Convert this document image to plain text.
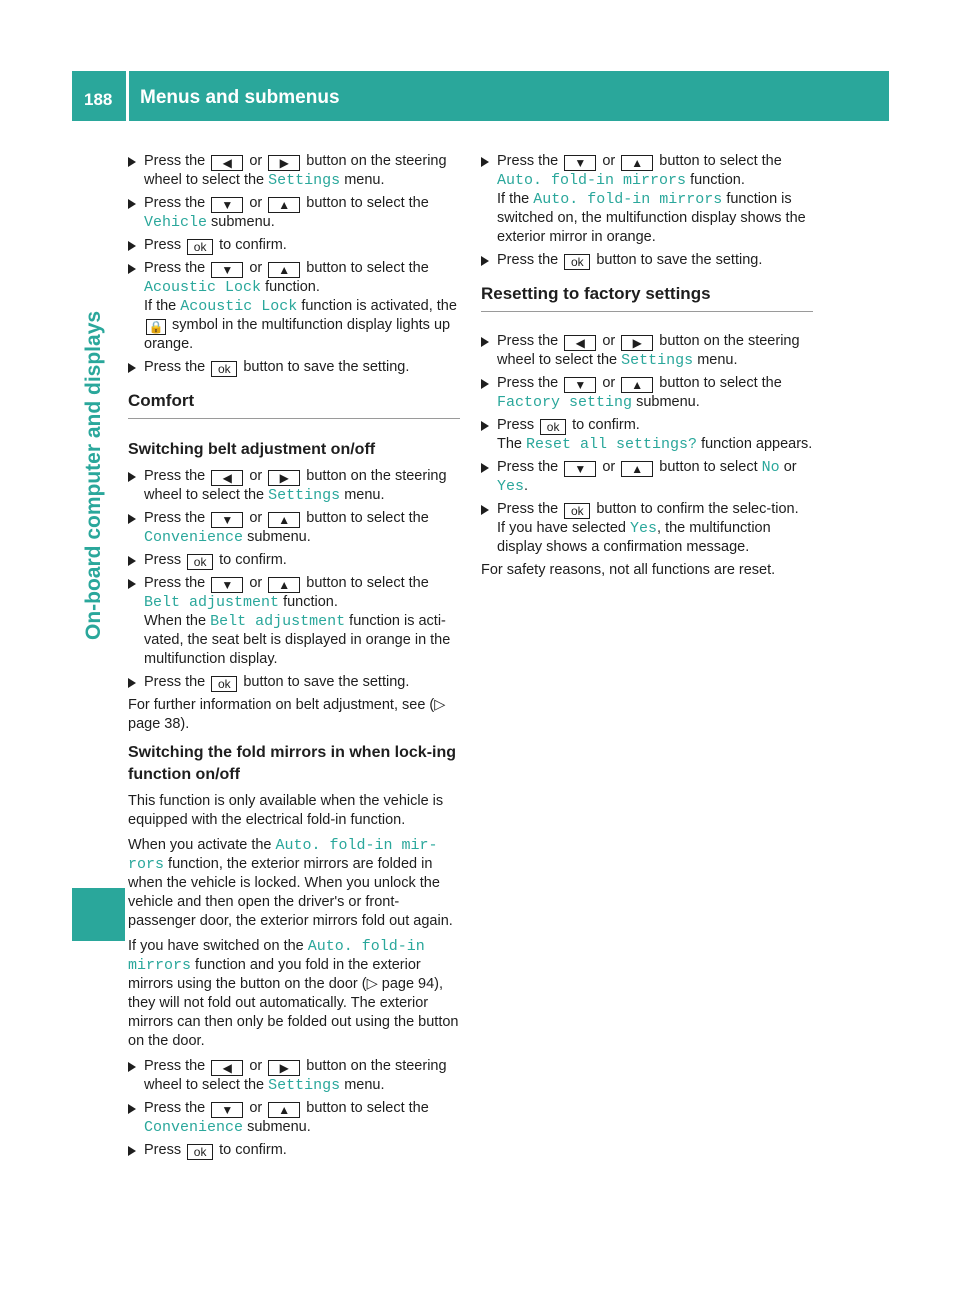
188 Menus and submenus
On-board computer and displays
Press the ◀ or ▶ button on the steering wheel to select the Settings menu.
Press the ▼ or ▲ button to select the Vehicle submenu.
Press ok to confirm.
Press the ▼ or ▲ button to select the Acoustic Lock function.
If the Acoustic Lock function is activated, the 🔒 symbol in the multifunction display lights up orange.
Press the ok button to save the setting.
Comfort
Switching belt adjustment on/off
Press the ◀ or ▶ button on the steering wheel to select the Settings menu.
Press the ▼ or ▲ button to select the Convenience submenu.
Press ok to confirm.
Press the ▼ or ▲ button to select the Belt adjustment function.
When the Belt adjustment function is acti-vated, the seat belt is displayed in orange in the multifunction display.
Press the ok button to save the setting.

For further information on belt adjustment, see (▷ page 38).

Switching the fold mirrors in when lock-ing function on/off

This function is only available when the vehicle is equipped with the electrical fold-in function.

When you activate the Auto. fold-in mir-rors function, the exterior mirrors are folded in when the vehicle is locked. When you unlock the vehicle and then open the driver's or front-passenger door, the exterior mirrors fold out again.

If you have switched on the Auto. fold-in mirrors function and you fold in the exterior mirrors using the button on the door (▷ page 94), they will not fold out automatically. The exterior mirrors can then only be folded out using the button on the door.

Press the ◀ or ▶ button on the steering wheel to select the Settings menu.
Press the ▼ or ▲ button to select the Convenience submenu.
Press ok to confirm.
Press the ▼ or ▲ button to select the Auto. fold-in mirrors function.
If the Auto. fold-in mirrors function is switched on, the multifunction display shows the exterior mirror in orange.
Press the ok button to save the setting.
Resetting to factory settings
Press the ◀ or ▶ button on the steering wheel to select the Settings menu.
Press the ▼ or ▲ button to select the Factory setting submenu.
Press ok to confirm.
The Reset all settings? function appears.
Press the ▼ or ▲ button to select No or Yes.
Press the ok button to confirm the selec-tion.
If you have selected Yes, the multifunction display shows a confirmation message.

For safety reasons, not all functions are reset.
